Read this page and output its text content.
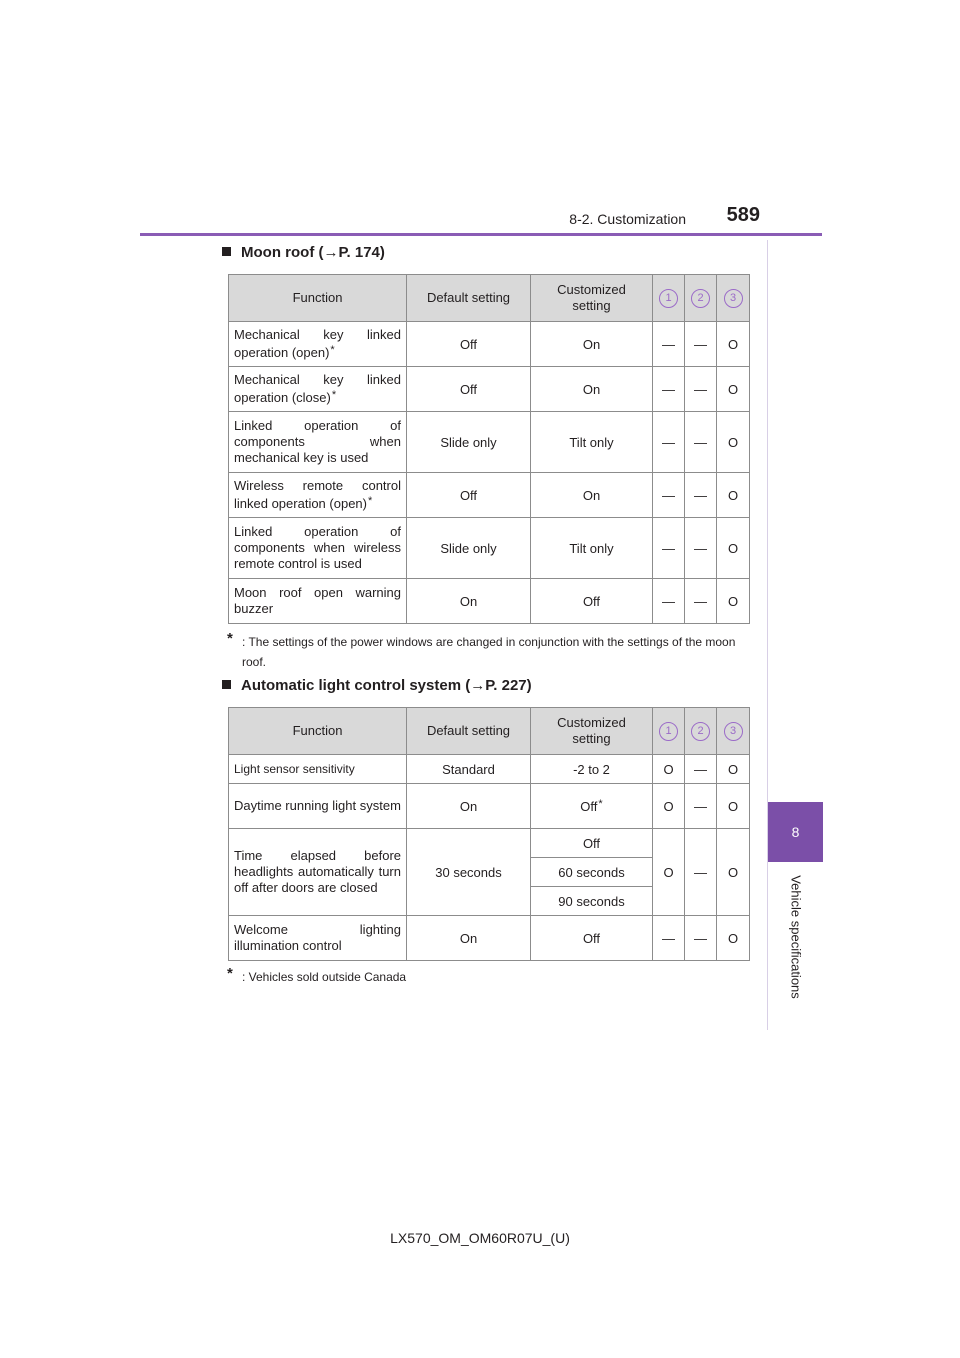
8-2. Customization 589
8
Vehicle specifications
Moon roof (→P. 174)
Function	Default setting	Customized setting	1	2	3
Mechanical key linked operation (open)*	Off	On	—	—	O
Mechanical key linked operation (close)*	Off	On	—	—	O
Linked operation of components when mechanical key is used	Slide only	Tilt only	—	—	O
Wireless remote control linked operation (open)*	Off	On	—	—	O
Linked operation of components when wireless remote control is used	Slide only	Tilt only	—	—	O
Moon roof open warning buzzer	On	Off	—	—	O
* : The settings of the power windows are changed in conjunction with the settings of the moon roof.
Automatic light control system (→P. 227)
Function	Default setting	Customized setting	1	2	3
Light sensor sensitivity	Standard	-2 to 2	O	—	O
Daytime running light system	On	Off*	O	—	O
Time elapsed before headlights automatically turn off after doors are closed	30 seconds	Off	O	—	O
		60 seconds			
		90 seconds			
Welcome lighting illumination control	On	Off	—	—	O
* : Vehicles sold outside Canada
LX570_OM_OM60R07U_(U)
